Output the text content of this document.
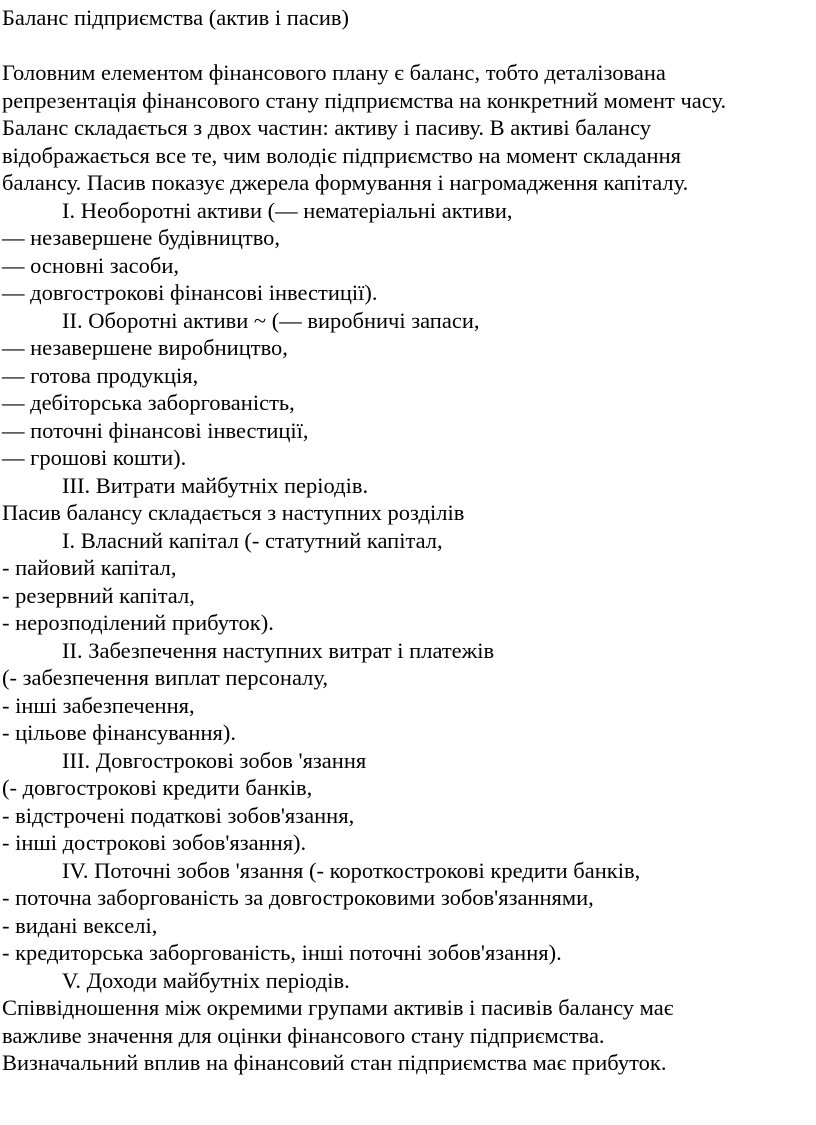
Баланс підприємства (актив і пасив)

Головним елементом фінансового плану є баланс, тобто деталізована

репрезентація фінансового стану підприємства на конкретний момент часу.

Баланс складається з двох частин: активу і пасиву. В активі балансу

відображається все те, чим володіє підприємство на момент складання

балансу. Пасив показує джерела формування і нагромадження капіталу.

І. Необоротні активи (— нематеріальні активи,

— незавершене будівництво,

— основні засоби,

— довгострокові фінансові інвестиції).

ІІ. Оборотні активи ~ (— виробничі запаси,

— незавершене виробництво,

— готова продукція,

— дебіторська заборгованість,

— поточні фінансові інвестиції,

— грошові кошти).

ІІІ. Витрати майбутніх періодів.

Пасив балансу складається з наступних розділів

І. Власний капітал (- статутний капітал,

- пайовий капітал,

- резервний капітал,

- нерозподілений прибуток).

ІІ. Забезпечення наступних витрат і платежів

(- забезпечення виплат персоналу,

- інші забезпечення,

- цільове фінансування).

ІІІ. Довгострокові зобов 'язання

(- довгострокові кредити банків,

- відстрочені податкові зобов'язання,

- інші дострокові зобов'язання).

IV. Поточні зобов 'язання (- короткострокові кредити банків,

- поточна заборгованість за довгостроковими зобов'язаннями,

- видані векселі,

- кредиторська заборгованість, інші поточні зобов'язання).

V. Доходи майбутніх періодів.

Співвідношення між окремими групами активів і пасивів балансу має

важливе значення для оцінки фінансового стану підприємства.

Визначальний вплив на фінансовий стан підприємства має прибуток.
